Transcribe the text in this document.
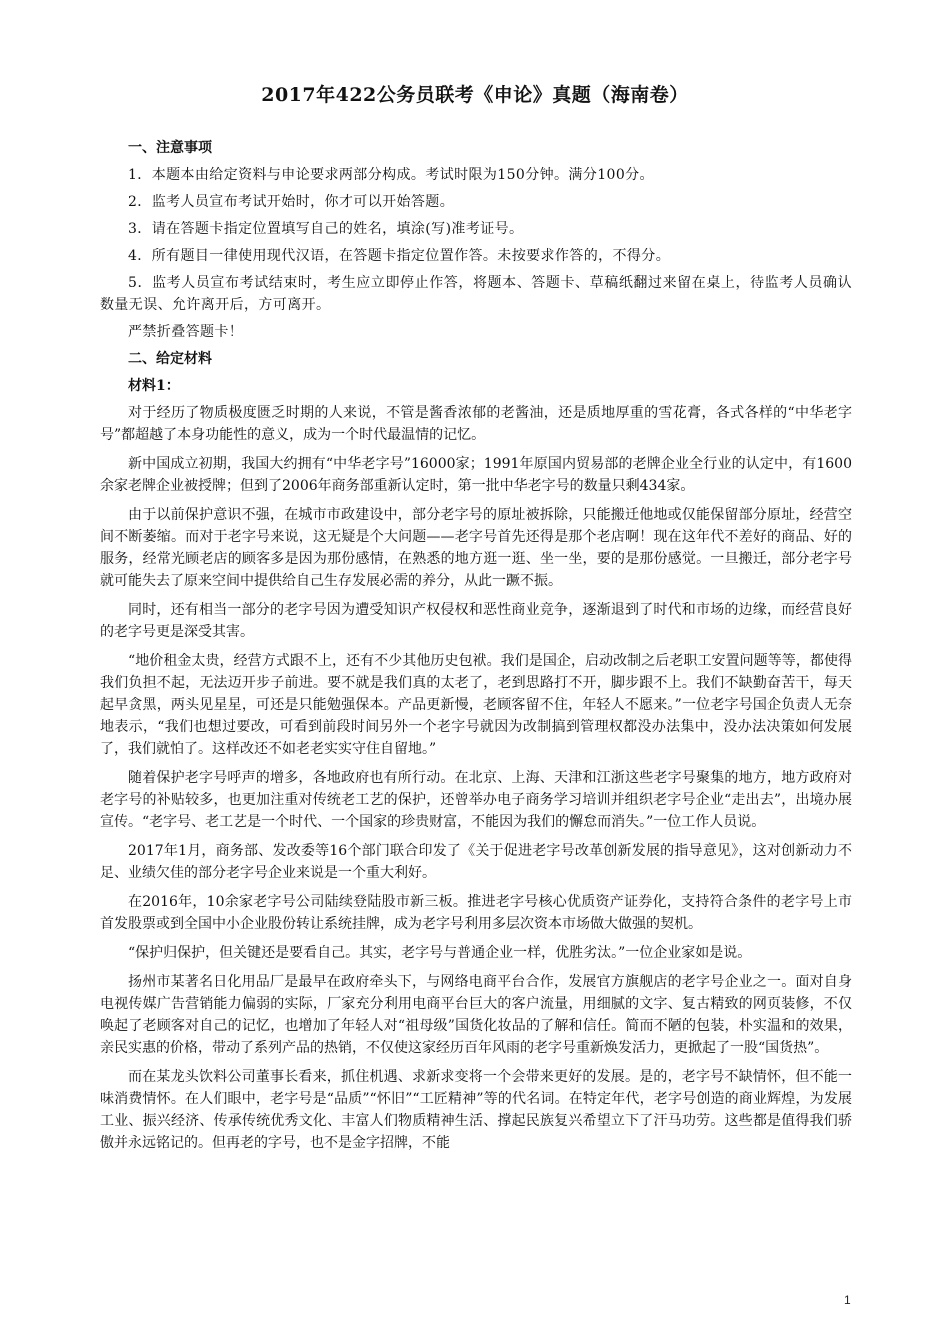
2017年422公务员联考《申论》真题（海南卷）

一、注意事项

1．本题本由给定资料与申论要求两部分构成。考试时限为150分钟。满分100分。

2．监考人员宣布考试开始时，你才可以开始答题。

3．请在答题卡指定位置填写自己的姓名，填涂(写)准考证号。

4．所有题目一律使用现代汉语，在答题卡指定位置作答。未按要求作答的，不得分。

5．监考人员宣布考试结束时，考生应立即停止作答，将题本、答题卡、草稿纸翻过来留在桌上，待监考人员确认数量无误、允许离开后，方可离开。

严禁折叠答题卡！

二、给定材料

材料1：

对于经历了物质极度匮乏时期的人来说，不管是酱香浓郁的老酱油，还是质地厚重的雪花膏，各式各样的“中华老字号”都超越了本身功能性的意义，成为一个时代最温情的记忆。

新中国成立初期，我国大约拥有“中华老字号”16000家；1991年原国内贸易部的老牌企业全行业的认定中，有1600余家老牌企业被授牌；但到了2006年商务部重新认定时，第一批中华老字号的数量只剩434家。

由于以前保护意识不强，在城市市政建设中，部分老字号的原址被拆除，只能搬迁他地或仅能保留部分原址，经营空间不断萎缩。而对于老字号来说，这无疑是个大问题——老字号首先还得是那个老店啊！现在这年代不差好的商品、好的服务，经常光顾老店的顾客多是因为那份感情，在熟悉的地方逛一逛、坐一坐，要的是那份感觉。一旦搬迁，部分老字号就可能失去了原来空间中提供给自己生存发展必需的养分，从此一蹶不振。

同时，还有相当一部分的老字号因为遭受知识产权侵权和恶性商业竞争，逐渐退到了时代和市场的边缘，而经营良好的老字号更是深受其害。

“地价租金太贵，经营方式跟不上，还有不少其他历史包袱。我们是国企，启动改制之后老职工安置问题等等，都使得我们负担不起，无法迈开步子前进。要不就是我们真的太老了，老到思路打不开，脚步跟不上。我们不缺勤奋苦干，每天起早贪黑，两头见星星，可还是只能勉强保本。产品更新慢，老顾客留不住，年轻人不愿来。”一位老字号国企负责人无奈地表示，“我们也想过要改，可看到前段时间另外一个老字号就因为改制搞到管理权都没办法集中，没办法决策如何发展了，我们就怕了。这样改还不如老老实实守住自留地。”

随着保护老字号呼声的增多，各地政府也有所行动。在北京、上海、天津和江浙这些老字号聚集的地方，地方政府对老字号的补贴较多，也更加注重对传统老工艺的保护，还曾举办电子商务学习培训并组织老字号企业“走出去”，出境办展宣传。“老字号、老工艺是一个时代、一个国家的珍贵财富，不能因为我们的懈怠而消失。”一位工作人员说。

2017年1月，商务部、发改委等16个部门联合印发了《关于促进老字号改革创新发展的指导意见》，这对创新动力不足、业绩欠佳的部分老字号企业来说是一个重大利好。

在2016年，10余家老字号公司陆续登陆股市新三板。推进老字号核心优质资产证券化，支持符合条件的老字号上市首发股票或到全国中小企业股份转让系统挂牌，成为老字号利用多层次资本市场做大做强的契机。

“保护归保护，但关键还是要看自己。其实，老字号与普通企业一样，优胜劣汰。”一位企业家如是说。

扬州市某著名日化用品厂是最早在政府牵头下，与网络电商平台合作，发展官方旗舰店的老字号企业之一。面对自身电视传媒广告营销能力偏弱的实际，厂家充分利用电商平台巨大的客户流量，用细腻的文字、复古精致的网页装修，不仅唤起了老顾客对自己的记忆，也增加了年轻人对“祖母级”国货化妆品的了解和信任。简而不陋的包装，朴实温和的效果，亲民实惠的价格，带动了系列产品的热销，不仅使这家经历百年风雨的老字号重新焕发活力，更掀起了一股“国货热”。

而在某龙头饮料公司董事长看来，抓住机遇、求新求变将一个会带来更好的发展。是的，老字号不缺情怀，但不能一味消费情怀。在人们眼中，老字号是“品质”“怀旧”“工匠精神”等的代名词。在特定年代，老字号创造的商业辉煌，为发展工业、振兴经济、传承传统优秀文化、丰富人们物质精神生活、撑起民族复兴希望立下了汗马功劳。这些都是值得我们骄傲并永远铭记的。但再老的字号，也不是金字招牌，不能

1
